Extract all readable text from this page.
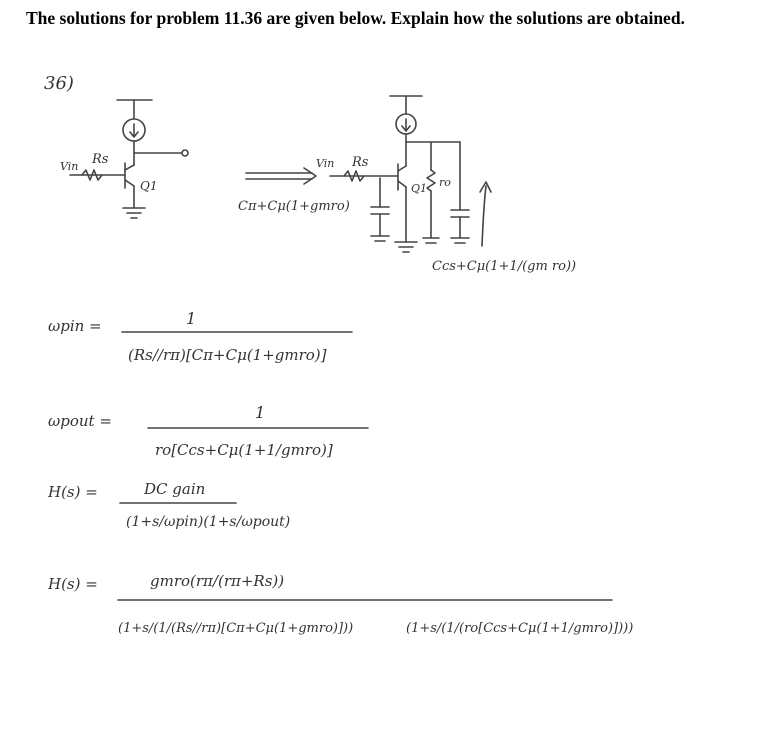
The solutions for problem 11.36 are given below. Explain how the solutions are obtained.

36)
Vin Rs
Q1
Cπ+Cμ(1+gmro)
Vin Rs
Q1 ro
Ccs+Cμ(1+1/(gm ro))
ωpin =	1
(Rs//rπ)[Cπ+Cμ(1+gmro)]
ωpout =	1
ro[Ccs+Cμ(1+1/gmro)]
H(s) =	DC gain
(1+s/ωpin)(1+s/ωpout)
H(s) =	gmro(rπ/(rπ+Rs))
(1+s/(1/(Rs//rπ)[Cπ+Cμ(1+gmro)]))	(1+s/(1/(ro[Ccs+Cμ(1+1/gmro)])))
